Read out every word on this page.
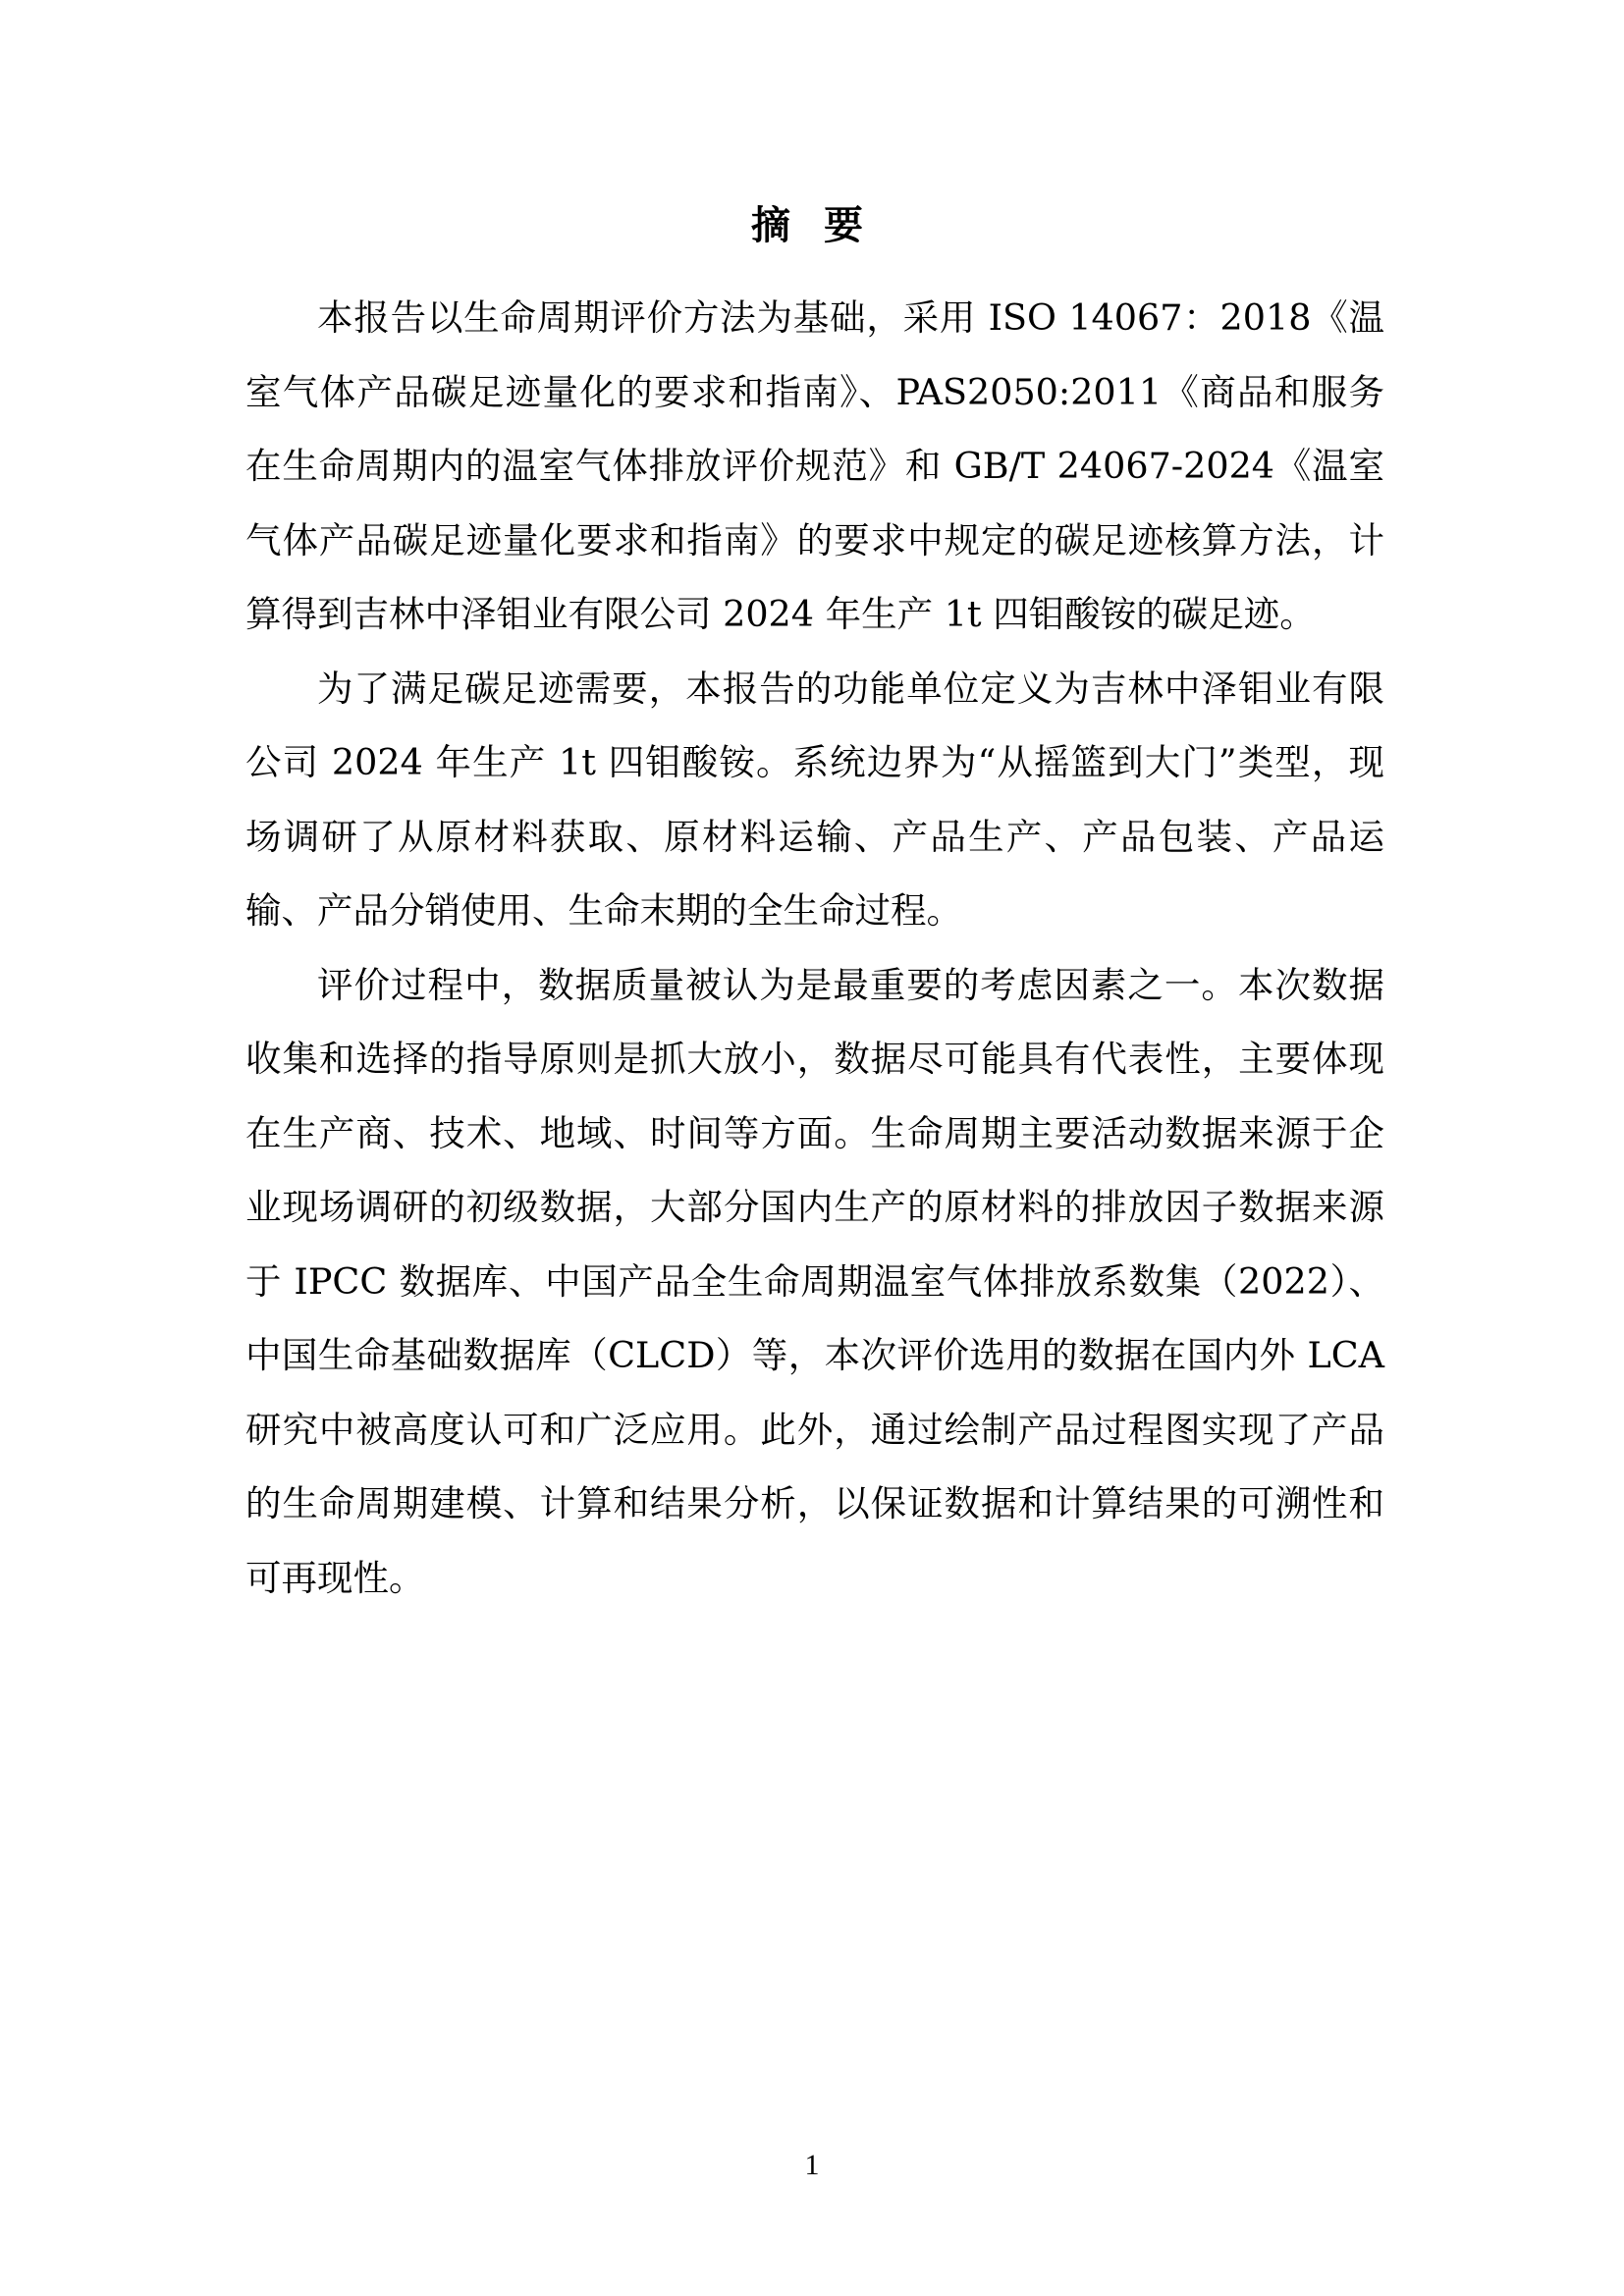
摘 要

本报告以生命周期评价方法为基础，采用 ISO 14067：2018《温室气体产品碳足迹量化的要求和指南》、PAS2050:2011《商品和服务在生命周期内的温室气体排放评价规范》和 GB/T 24067-2024《温室气体产品碳足迹量化要求和指南》的要求中规定的碳足迹核算方法，计算得到吉林中泽钼业有限公司 2024 年生产 1t 四钼酸铵的碳足迹。

为了满足碳足迹需要，本报告的功能单位定义为吉林中泽钼业有限公司 2024 年生产 1t 四钼酸铵。系统边界为“从摇篮到大门”类型，现场调研了从原材料获取、原材料运输、产品生产、产品包装、产品运输、产品分销使用、生命末期的全生命过程。

评价过程中，数据质量被认为是最重要的考虑因素之一。本次数据收集和选择的指导原则是抓大放小，数据尽可能具有代表性，主要体现在生产商、技术、地域、时间等方面。生命周期主要活动数据来源于企业现场调研的初级数据，大部分国内生产的原材料的排放因子数据来源于 IPCC 数据库、中国产品全生命周期温室气体排放系数集（2022）、中国生命基础数据库（CLCD）等，本次评价选用的数据在国内外 LCA 研究中被高度认可和广泛应用。此外，通过绘制产品过程图实现了产品的生命周期建模、计算和结果分析，以保证数据和计算结果的可溯性和可再现性。

1
